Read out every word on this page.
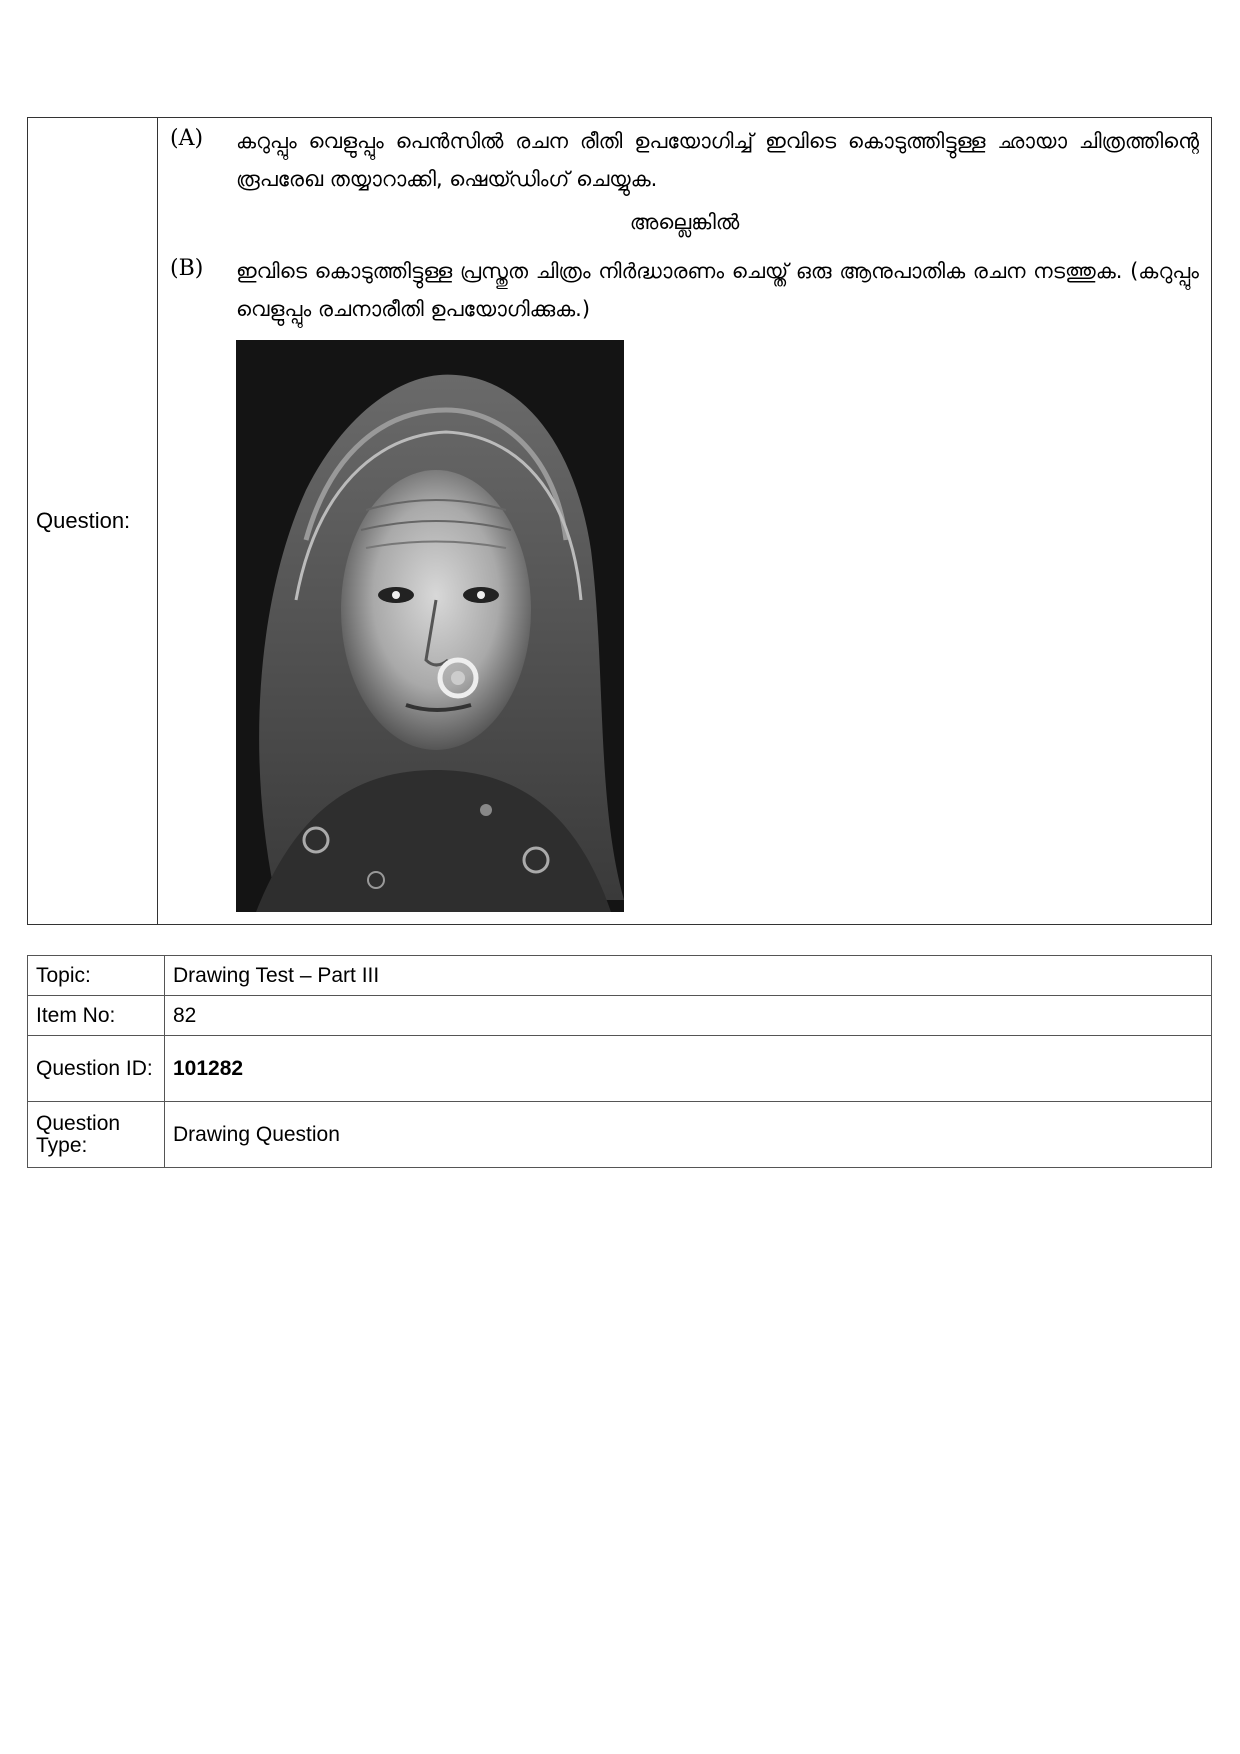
Question:
(A) കറുപ്പും വെളുപ്പും പെൻസിൽ രചന രീതി ഉപയോഗിച്ച് ഇവിടെ കൊടുത്തിട്ടുള്ള ഛായാ ചിത്രത്തിന്റെ രൂപരേഖ തയ്യാറാക്കി, ഷെയ്ഡിംഗ് ചെയ്യുക.
അല്ലെങ്കിൽ
(B) ഇവിടെ കൊടുത്തിട്ടുള്ള പ്രസ്തുത ചിത്രം നിർദ്ധാരണം ചെയ്ത് ഒരു ആനുപാതിക രചന നടത്തുക. (കറുപ്പും വെളുപ്പും രചനാരീതി ഉപയോഗിക്കുക.)
Topic:	Drawing Test – Part III
Item No:	82
Question ID:	101282
Question Type:	Drawing Question
